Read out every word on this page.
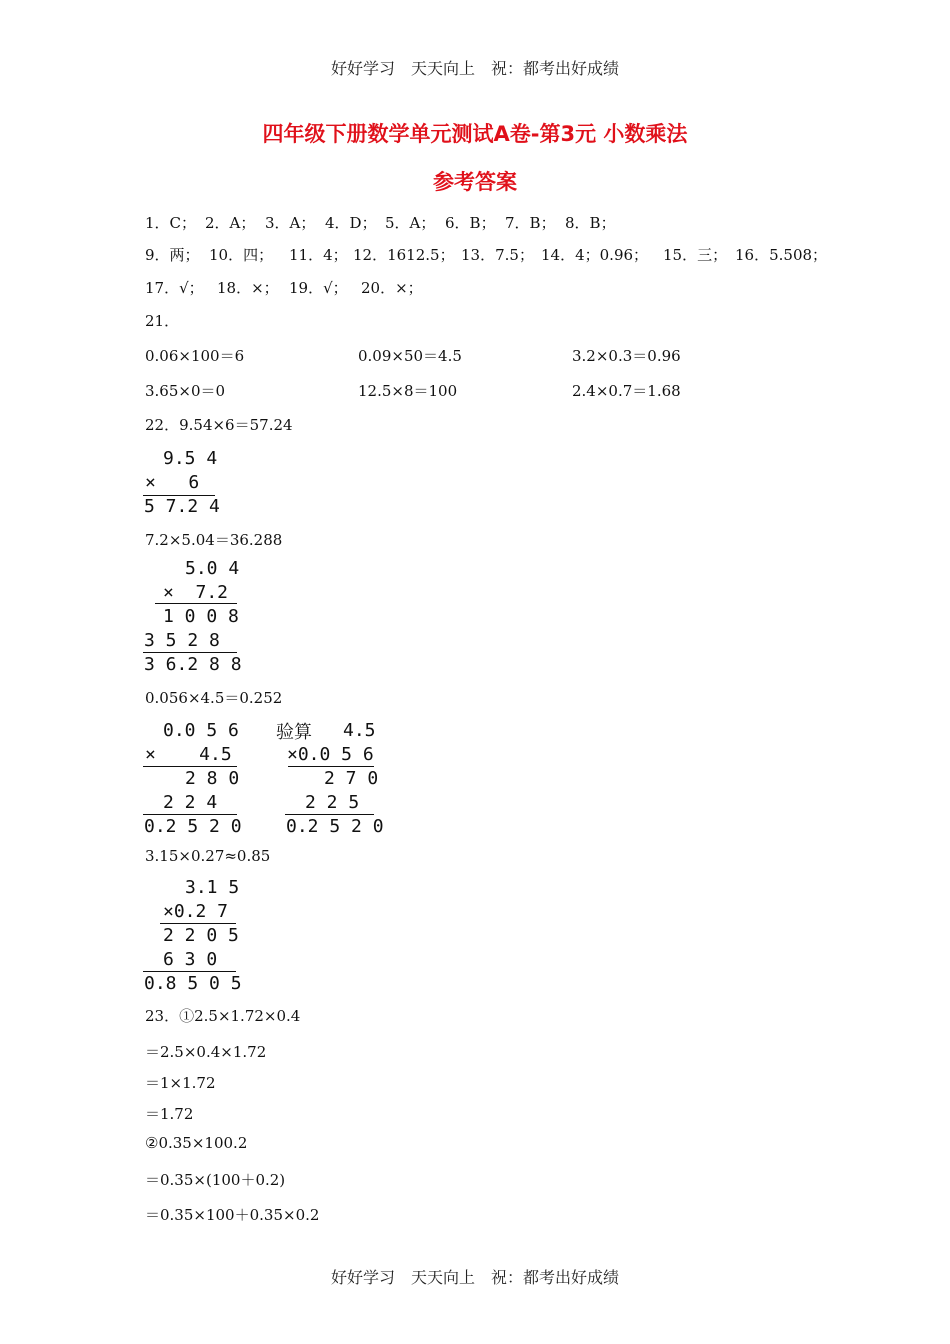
好好学习　天天向上　祝：都考出好成绩
四年级下册数学单元测试A卷-第3元 小数乘法
参考答案
1．C； 2．A； 3．A； 4．D； 5．A； 6．B； 7．B； 8．B；
9．两； 10．四； 11．4； 12．1612.5； 13．7.5； 14．4；0.96； 15．三； 16．5.508；
17．√； 18．×； 19．√； 20．×；
21．
0.06×100＝6	0.09×50＝4.5	3.2×0.3＝0.96
3.65×0＝0	12.5×8＝100	2.4×0.7＝1.68
22．9.54×6＝57.24
9.5 4
×   6
5 7.2 4
7.2×5.04＝36.288
5.0 4
×  7.2
1 0 0 8
3 5 2 8
3 6.2 8 8
0.056×4.5＝0.252
0.0 5 6
×    4.5
2 8 0
2 2 4
0.2 5 2 0
验算 4.5
×0.0 5 6
2 7 0
2 2 5
0.2 5 2 0
3.15×0.27≈0.85
3.1 5
×0.2 7
2 2 0 5
6 3 0
0.8 5 0 5
23．①2.5×1.72×0.4
＝2.5×0.4×1.72
＝1×1.72
＝1.72
②0.35×100.2
＝0.35×(100＋0.2)
＝0.35×100＋0.35×0.2
好好学习　天天向上　祝：都考出好成绩
